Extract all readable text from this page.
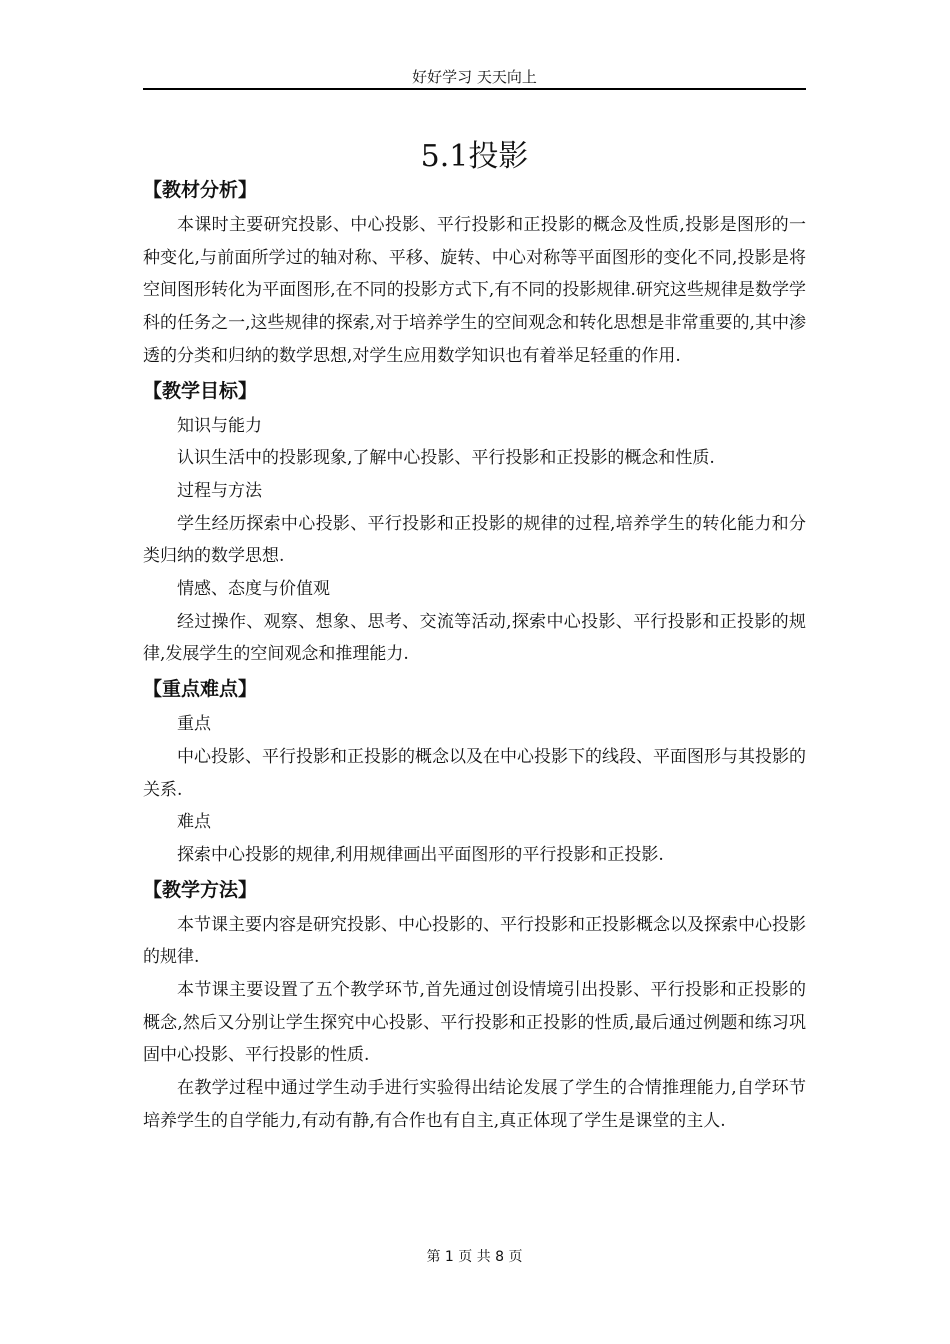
好好学习 天天向上
5.1投影
【教材分析】

本课时主要研究投影、中心投影、平行投影和正投影的概念及性质,投影是图形的一种变化,与前面所学过的轴对称、平移、旋转、中心对称等平面图形的变化不同,投影是将空间图形转化为平面图形,在不同的投影方式下,有不同的投影规律.研究这些规律是数学学科的任务之一,这些规律的探索,对于培养学生的空间观念和转化思想是非常重要的,其中渗透的分类和归纳的数学思想,对学生应用数学知识也有着举足轻重的作用.

【教学目标】
知识与能力

认识生活中的投影现象,了解中心投影、平行投影和正投影的概念和性质.

过程与方法

学生经历探索中心投影、平行投影和正投影的规律的过程,培养学生的转化能力和分类归纳的数学思想.

情感、态度与价值观

经过操作、观察、想象、思考、交流等活动,探索中心投影、平行投影和正投影的规律,发展学生的空间观念和推理能力.

【重点难点】
重点

中心投影、平行投影和正投影的概念以及在中心投影下的线段、平面图形与其投影的关系.

难点

探索中心投影的规律,利用规律画出平面图形的平行投影和正投影.

【教学方法】

本节课主要内容是研究投影、中心投影的、平行投影和正投影概念以及探索中心投影的规律.

本节课主要设置了五个教学环节,首先通过创设情境引出投影、平行投影和正投影的概念,然后又分别让学生探究中心投影、平行投影和正投影的性质,最后通过例题和练习巩固中心投影、平行投影的性质.

在教学过程中通过学生动手进行实验得出结论发展了学生的合情推理能力,自学环节培养学生的自学能力,有动有静,有合作也有自主,真正体现了学生是课堂的主人.

第 1 页 共 8 页
